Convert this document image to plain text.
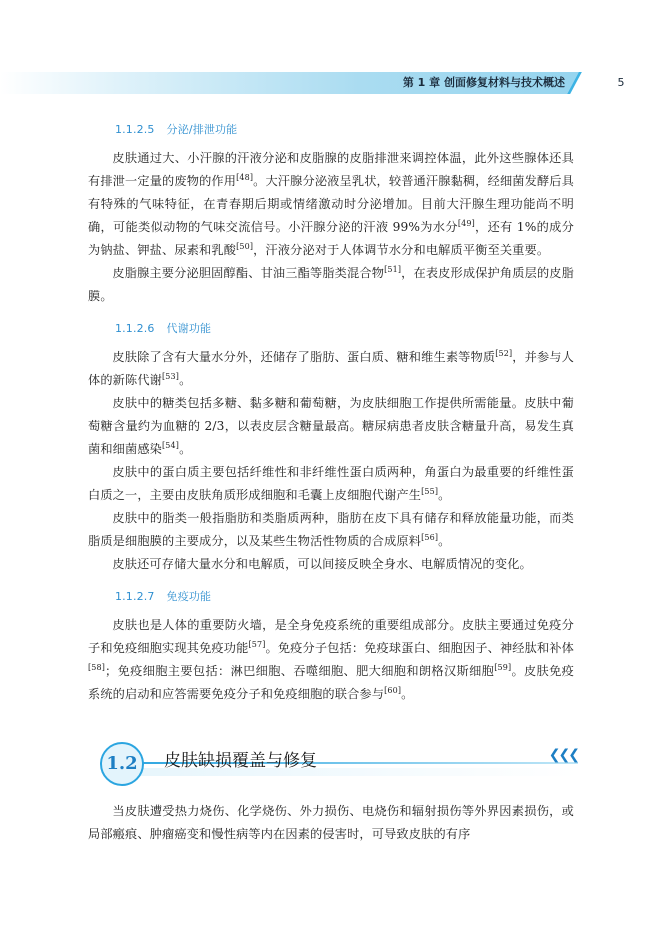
第 1 章 创面修复材料与技术概述	5
1.1.2.5 分泌/排泄功能

皮肤通过大、小汗腺的汗液分泌和皮脂腺的皮脂排泄来调控体温，此外这些腺体还具有排泄一定量的废物的作用[48]。大汗腺分泌液呈乳状，较普通汗腺黏稠，经细菌发酵后具有特殊的气味特征，在青春期后期或情绪激动时分泌增加。目前大汗腺生理功能尚不明确，可能类似动物的气味交流信号。小汗腺分泌的汗液 99%为水分[49]，还有 1%的成分为钠盐、钾盐、尿素和乳酸[50]，汗液分泌对于人体调节水分和电解质平衡至关重要。

皮脂腺主要分泌胆固醇酯、甘油三酯等脂类混合物[51]，在表皮形成保护角质层的皮脂膜。

1.1.2.6 代谢功能

皮肤除了含有大量水分外，还储存了脂肪、蛋白质、糖和维生素等物质[52]，并参与人体的新陈代谢[53]。

皮肤中的糖类包括多糖、黏多糖和葡萄糖，为皮肤细胞工作提供所需能量。皮肤中葡萄糖含量约为血糖的 2/3，以表皮层含糖量最高。糖尿病患者皮肤含糖量升高，易发生真菌和细菌感染[54]。

皮肤中的蛋白质主要包括纤维性和非纤维性蛋白质两种，角蛋白为最重要的纤维性蛋白质之一，主要由皮肤角质形成细胞和毛囊上皮细胞代谢产生[55]。

皮肤中的脂类一般指脂肪和类脂质两种，脂肪在皮下具有储存和释放能量功能，而类脂质是细胞膜的主要成分，以及某些生物活性物质的合成原料[56]。

皮肤还可存储大量水分和电解质，可以间接反映全身水、电解质情况的变化。

1.1.2.7 免疫功能

皮肤也是人体的重要防火墙，是全身免疫系统的重要组成部分。皮肤主要通过免疫分子和免疫细胞实现其免疫功能[57]。免疫分子包括：免疫球蛋白、细胞因子、神经肽和补体[58]；免疫细胞主要包括：淋巴细胞、吞噬细胞、肥大细胞和朗格汉斯细胞[59]。皮肤免疫系统的启动和应答需要免疫分子和免疫细胞的联合参与[60]。

1.2	皮肤缺损覆盖与修复	❮❮❮

当皮肤遭受热力烧伤、化学烧伤、外力损伤、电烧伤和辐射损伤等外界因素损伤，或局部瘢痕、肿瘤癌变和慢性病等内在因素的侵害时，可导致皮肤的有序
